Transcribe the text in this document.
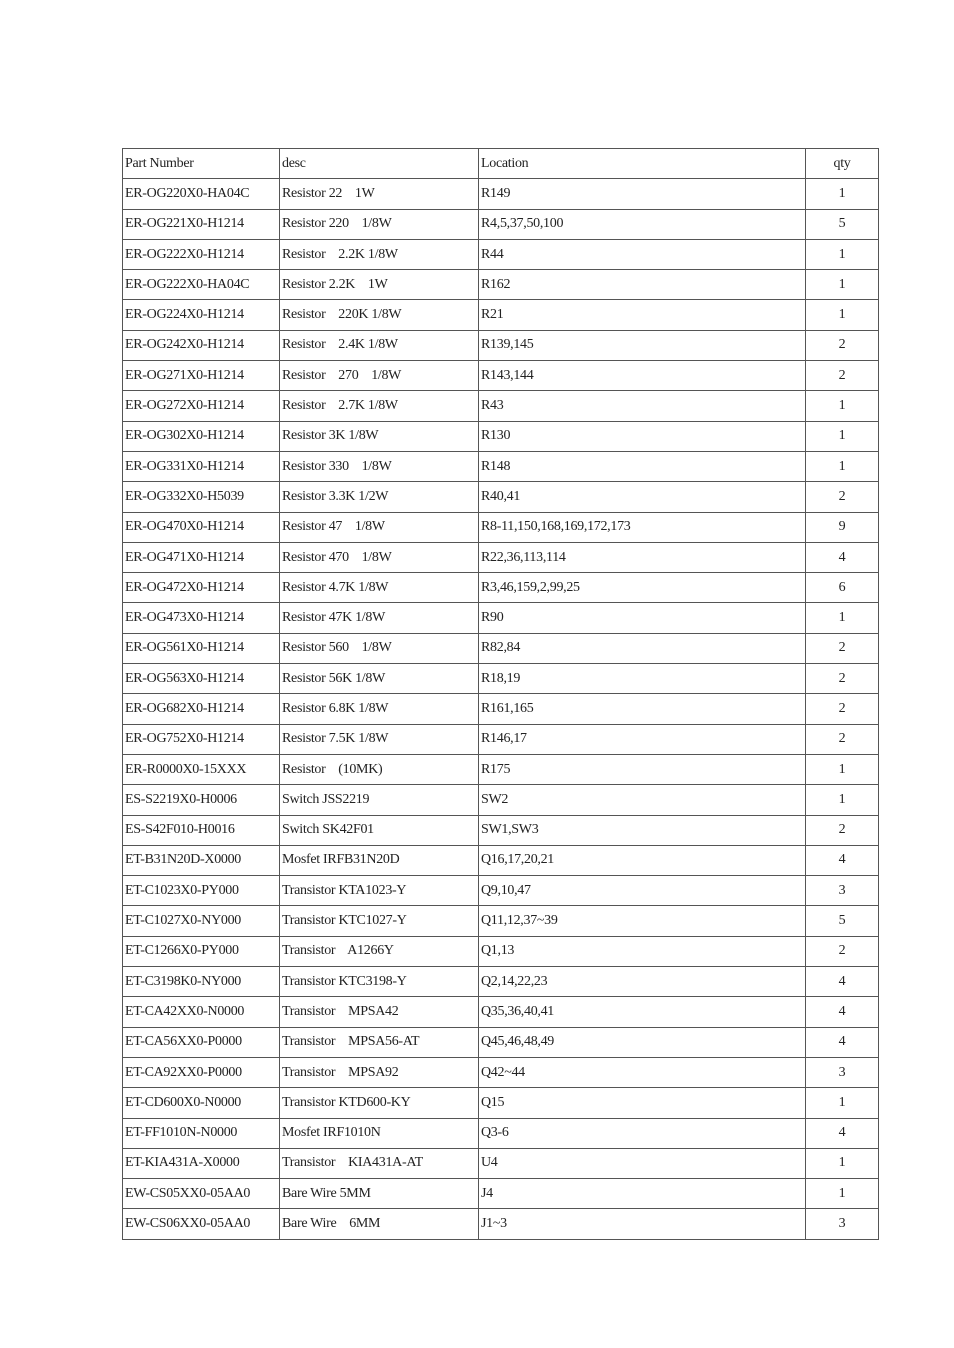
Part Number	desc	Location	qty
ER-OG220X0-HA04C	Resistor 22    1W	R149	1
ER-OG221X0-H1214	Resistor 220    1/8W	R4,5,37,50,100	5
ER-OG222X0-H1214	Resistor    2.2K 1/8W	R44	1
ER-OG222X0-HA04C	Resistor 2.2K    1W	R162	1
ER-OG224X0-H1214	Resistor    220K 1/8W	R21	1
ER-OG242X0-H1214	Resistor    2.4K 1/8W	R139,145	2
ER-OG271X0-H1214	Resistor    270    1/8W	R143,144	2
ER-OG272X0-H1214	Resistor    2.7K 1/8W	R43	1
ER-OG302X0-H1214	Resistor 3K 1/8W	R130	1
ER-OG331X0-H1214	Resistor 330    1/8W	R148	1
ER-OG332X0-H5039	Resistor 3.3K 1/2W	R40,41	2
ER-OG470X0-H1214	Resistor 47    1/8W	R8-11,150,168,169,172,173	9
ER-OG471X0-H1214	Resistor 470    1/8W	R22,36,113,114	4
ER-OG472X0-H1214	Resistor 4.7K 1/8W	R3,46,159,2,99,25	6
ER-OG473X0-H1214	Resistor 47K 1/8W	R90	1
ER-OG561X0-H1214	Resistor 560    1/8W	R82,84	2
ER-OG563X0-H1214	Resistor 56K 1/8W	R18,19	2
ER-OG682X0-H1214	Resistor 6.8K 1/8W	R161,165	2
ER-OG752X0-H1214	Resistor 7.5K 1/8W	R146,17	2
ER-R0000X0-15XXX	Resistor    (10MK)	R175	1
ES-S2219X0-H0006	Switch JSS2219	SW2	1
ES-S42F010-H0016	Switch SK42F01	SW1,SW3	2
ET-B31N20D-X0000	Mosfet IRFB31N20D	Q16,17,20,21	4
ET-C1023X0-PY000	Transistor KTA1023-Y	Q9,10,47	3
ET-C1027X0-NY000	Transistor KTC1027-Y	Q11,12,37~39	5
ET-C1266X0-PY000	Transistor    A1266Y	Q1,13	2
ET-C3198K0-NY000	Transistor KTC3198-Y	Q2,14,22,23	4
ET-CA42XX0-N0000	Transistor    MPSA42	Q35,36,40,41	4
ET-CA56XX0-P0000	Transistor    MPSA56-AT	Q45,46,48,49	4
ET-CA92XX0-P0000	Transistor    MPSA92	Q42~44	3
ET-CD600X0-N0000	Transistor KTD600-KY	Q15	1
ET-FF1010N-N0000	Mosfet IRF1010N	Q3-6	4
ET-KIA431A-X0000	Transistor    KIA431A-AT	U4	1
EW-CS05XX0-05AA0	Bare Wire 5MM	J4	1
EW-CS06XX0-05AA0	Bare Wire    6MM	J1~3	3
